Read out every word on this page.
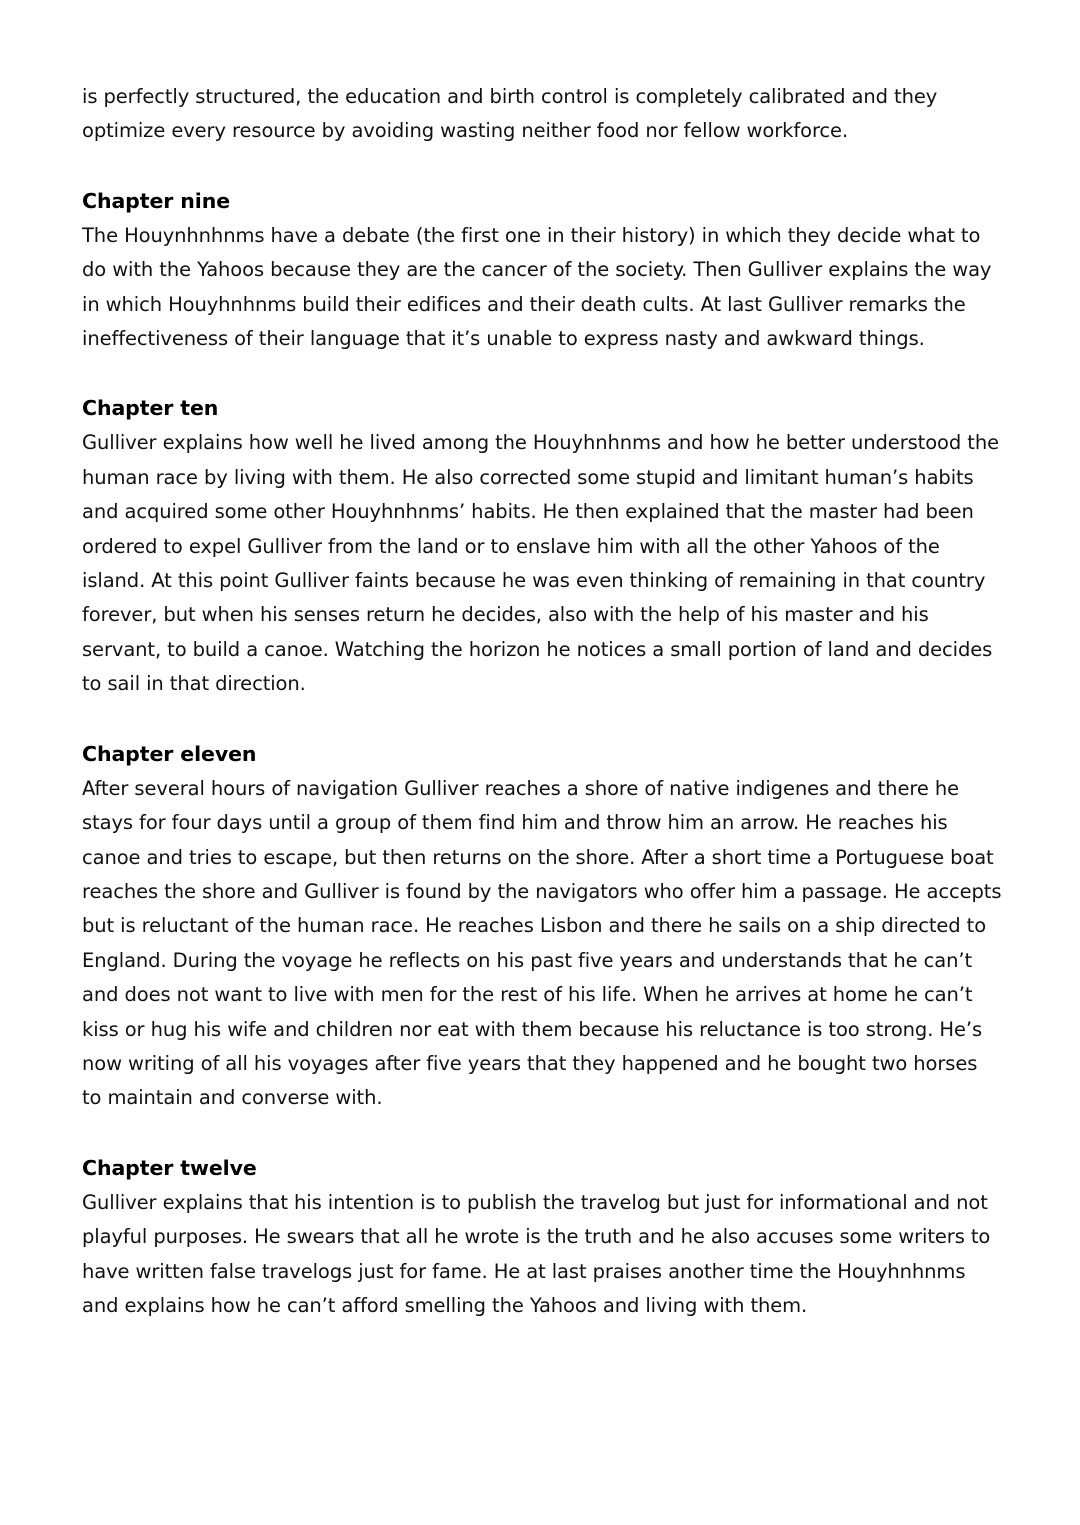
is perfectly structured, the education and birth control is completely calibrated and they optimize every resource by avoiding wasting neither food nor fellow workforce.

Chapter nine

The Houynhnhnms have a debate (the first one in their history) in which they decide what to do with the Yahoos because they are the cancer of the society. Then Gulliver explains the way in which Houyhnhnms build their edifices and their death cults. At last Gulliver remarks the ineffectiveness of their language that it’s unable to express nasty and awkward things.

Chapter ten

Gulliver explains how well he lived among the Houyhnhnms and how he better understood the human race by living with them. He also corrected some stupid and limitant human’s habits and acquired some other Houyhnhnms’ habits. He then explained that the master had been ordered to expel Gulliver from the land or to enslave him with all the other Yahoos of the island. At this point Gulliver faints because he was even thinking of remaining in that country forever, but when his senses return he decides, also with the help of his master and his servant, to build a canoe. Watching the horizon he notices a small portion of land and decides to sail in that direction.

Chapter eleven

After several hours of navigation Gulliver reaches a shore of native indigenes and there he stays for four days until a group of them find him and throw him an arrow. He reaches his canoe and tries to escape, but then returns on the shore. After a short time a Portuguese boat reaches the shore and Gulliver is found by the navigators who offer him a passage. He accepts but is reluctant of the human race. He reaches Lisbon and there he sails on a ship directed to England. During the voyage he reflects on his past five years and understands that he can’t and does not want to live with men for the rest of his life. When he arrives at home he can’t kiss or hug his wife and children nor eat with them because his reluctance is too strong. He’s now writing of all his voyages after five years that they happened and he bought two horses to maintain and converse with.

Chapter twelve

Gulliver explains that his intention is to publish the travelog but just for informational and not playful purposes. He swears that all he wrote is the truth and he also accuses some writers to have written false travelogs just for fame. He at last praises another time the Houyhnhnms and explains how he can’t afford smelling the Yahoos and living with them.
